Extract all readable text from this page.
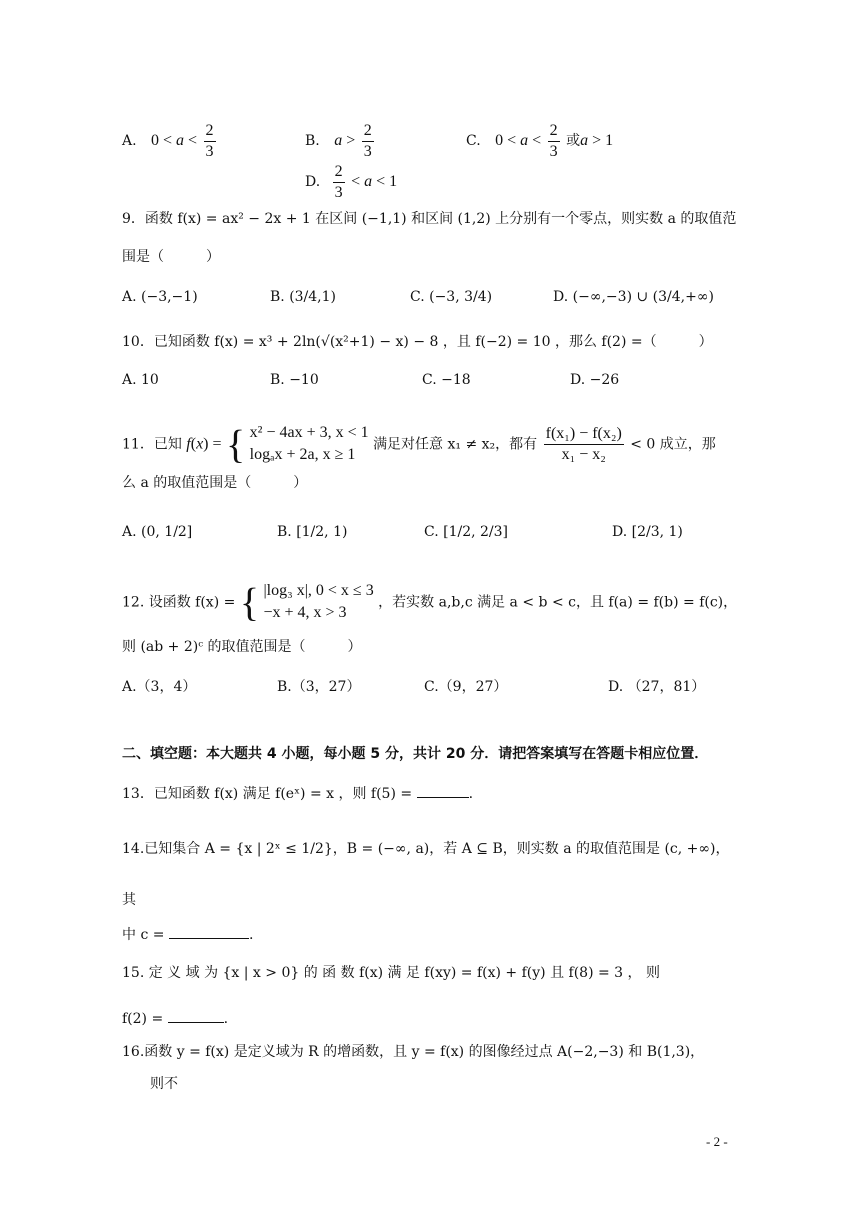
A. $0 < a < \frac{2}{3}$	B. $a > \frac{2}{3}$	C. $0 < a < \frac{2}{3}$ 或a > 1
D. $\frac{2}{3} < a < 1$
9．函数 f(x) = ax² − 2x + 1 在区间 (−1,1) 和区间 (1,2) 上分别有一个零点，则实数 a 的取值范
围是（　　　）
A. (−3,−1)	B. (3/4,1)	C. (−3, 3/4)	D. (−∞,−3) ∪ (3/4,+∞)
10．已知函数 f(x) = x³ + 2ln(√(x²+1) − x) − 8 ，且 f(−2) = 10 ，那么 f(2) =（　　　）
A. 10	B. −10	C. −18	D. −26
11．已知 f(x) = { x² − 4ax + 3, x < 1
logₐx + 2a, x ≥ 1
满足对任意 x₁ ≠ x₂，都有 $\frac{\text{f(x₁) − f(x₂)}}{\text{x₁ − x₂}} < 0$ 成立，那
么 a 的取值范围是（　　　）
A. (0, 1/2]	B. [1/2, 1)	C. [1/2, 2/3]	D. [2/3, 1)
12. 设函数 f(x) = { |log₃ x|, 0 < x ≤ 3
−x + 4, x > 3
，若实数 a,b,c 满足 a < b < c，且 f(a) = f(b) = f(c)，
则 (ab + 2)ᶜ 的取值范围是（　　　）
A.（3，4）	B.（3，27）	C.（9，27）	D. （27，81）
二、填空题：本大题共 4 小题，每小题 5 分，共计 20 分．请把答案填写在答题卡相应位置．
13．已知函数 f(x) 满足 f(eˣ) = x ，则 f(5) =	.
14.已知集合 A = {x | 2ˣ ≤ 1/2}，B = (−∞, a)，若 A ⊆ B，则实数 a 的取值范围是 (c, +∞)，
其
中 c =	.
15. 定 义 域 为 {x | x > 0} 的 函 数 f(x) 满 足 f(xy) = f(x) + f(y) 且 f(8) = 3 ， 则
f(2) =	.
16.函数 y = f(x) 是定义域为 R 的增函数，且 y = f(x) 的图像经过点 A(−2,−3) 和 B(1,3)，
则不
- 2 -
